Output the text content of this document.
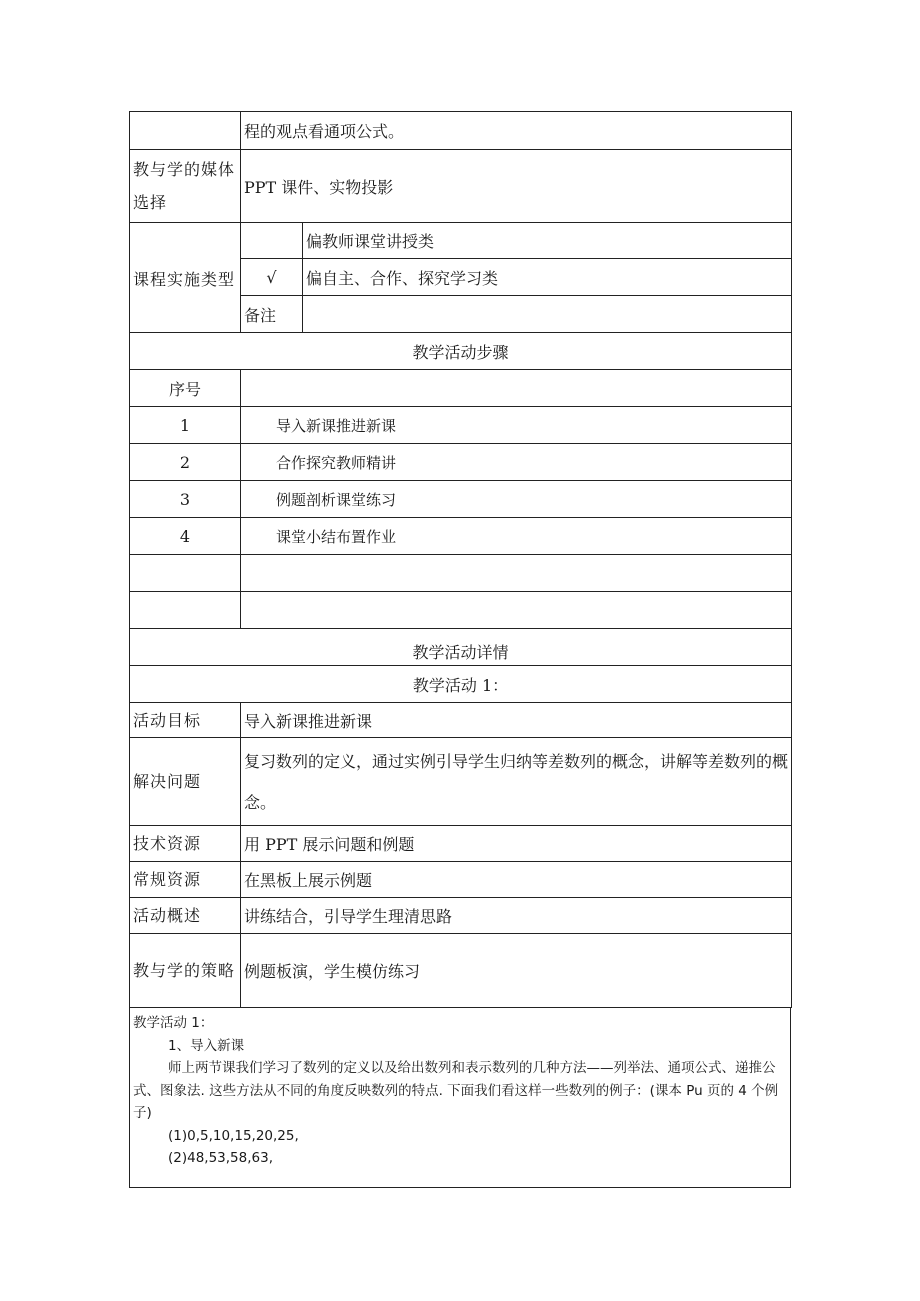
	程的观点看通项公式。	
教与学的媒体选择	PPT 课件、实物投影	
课程实施类型		偏教师课堂讲授类
	√	偏自主、合作、探究学习类
	备注	
教学活动步骤		
序号		
1	导入新课推进新课	
2	合作探究教师精讲	
3	例题剖析课堂练习	
4	课堂小结布置作业	

教学活动详情		
教学活动 1：		
活动目标	导入新课推进新课	
解决问题	复习数列的定义，通过实例引导学生归纳等差数列的概念，讲解等差数列的概念。	
技术资源	用 PPT 展示问题和例题	
常规资源	在黑板上展示例题	
活动概述	讲练结合，引导学生理清思路	
教与学的策略	例题板演，学生模仿练习	

教学活动 1：

1、导入新课

师上两节课我们学习了数列的定义以及给出数列和表示数列的几种方法——列举法、通项公式、递推公式、图象法. 这些方法从不同的角度反映数列的特点. 下面我们看这样一些数列的例子：(课本 Pu 页的 4 个例子)

(1)0,5,10,15,20,25,

(2)48,53,58,63,
